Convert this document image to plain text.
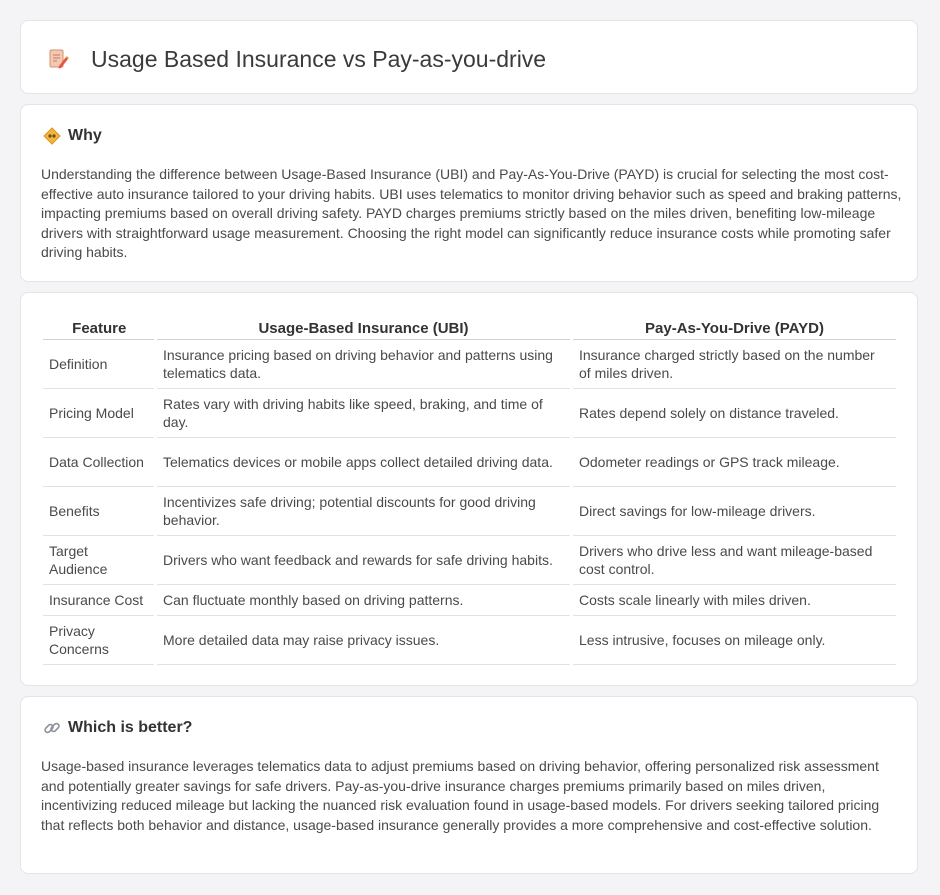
Usage Based Insurance vs Pay-as-you-drive
Why

Understanding the difference between Usage-Based Insurance (UBI) and Pay-As-You-Drive (PAYD) is crucial for selecting the most cost-effective auto insurance tailored to your driving habits. UBI uses telematics to monitor driving behavior such as speed and braking patterns, impacting premiums based on overall driving safety. PAYD charges premiums strictly based on the miles driven, benefiting low-mileage drivers with straightforward usage measurement. Choosing the right model can significantly reduce insurance costs while promoting safer driving habits.

Feature	Usage-Based Insurance (UBI)	Pay-As-You-Drive (PAYD)
Definition	Insurance pricing based on driving behavior and patterns using telematics data.	Insurance charged strictly based on the number of miles driven.
Pricing Model	Rates vary with driving habits like speed, braking, and time of day.	Rates depend solely on distance traveled.
Data Collection	Telematics devices or mobile apps collect detailed driving data.	Odometer readings or GPS track mileage.
Benefits	Incentivizes safe driving; potential discounts for good driving behavior.	Direct savings for low-mileage drivers.
Target Audience	Drivers who want feedback and rewards for safe driving habits.	Drivers who drive less and want mileage-based cost control.
Insurance Cost	Can fluctuate monthly based on driving patterns.	Costs scale linearly with miles driven.
Privacy Concerns	More detailed data may raise privacy issues.	Less intrusive, focuses on mileage only.
Which is better?

Usage-based insurance leverages telematics data to adjust premiums based on driving behavior, offering personalized risk assessment and potentially greater savings for safe drivers. Pay-as-you-drive insurance charges premiums primarily based on miles driven, incentivizing reduced mileage but lacking the nuanced risk evaluation found in usage-based models. For drivers seeking tailored pricing that reflects both behavior and distance, usage-based insurance generally provides a more comprehensive and cost-effective solution.
